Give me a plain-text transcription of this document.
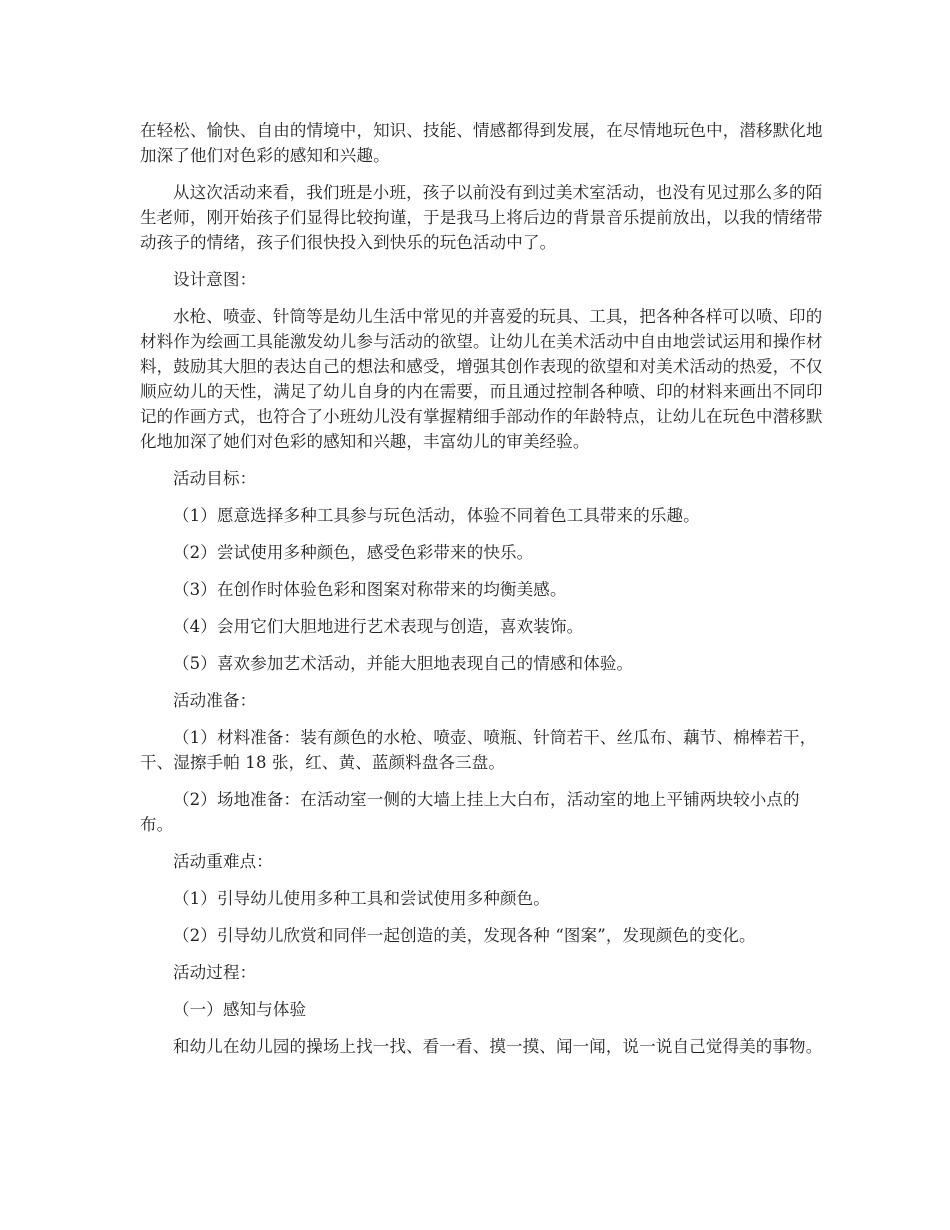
在轻松、愉快、自由的情境中，知识、技能、情感都得到发展，在尽情地玩色中，潜移默化地加深了他们对色彩的感知和兴趣。

从这次活动来看，我们班是小班，孩子以前没有到过美术室活动，也没有见过那么多的陌生老师，刚开始孩子们显得比较拘谨，于是我马上将后边的背景音乐提前放出，以我的情绪带动孩子的情绪，孩子们很快投入到快乐的玩色活动中了。

设计意图：

水枪、喷壶、针筒等是幼儿生活中常见的并喜爱的玩具、工具，把各种各样可以喷、印的材料作为绘画工具能激发幼儿参与活动的欲望。让幼儿在美术活动中自由地尝试运用和操作材料，鼓励其大胆的表达自己的想法和感受，增强其创作表现的欲望和对美术活动的热爱，不仅顺应幼儿的天性，满足了幼儿自身的内在需要，而且通过控制各种喷、印的材料来画出不同印记的作画方式，也符合了小班幼儿没有掌握精细手部动作的年龄特点，让幼儿在玩色中潜移默化地加深了她们对色彩的感知和兴趣，丰富幼儿的审美经验。

活动目标：

（1）愿意选择多种工具参与玩色活动，体验不同着色工具带来的乐趣。

（2）尝试使用多种颜色，感受色彩带来的快乐。

（3）在创作时体验色彩和图案对称带来的均衡美感。

（4）会用它们大胆地进行艺术表现与创造，喜欢装饰。

（5）喜欢参加艺术活动，并能大胆地表现自己的情感和体验。

活动准备：

（1）材料准备：装有颜色的水枪、喷壶、喷瓶、针筒若干、丝瓜布、藕节、棉棒若干，干、湿擦手帕 18 张，红、黄、蓝颜料盘各三盘。

（2）场地准备：在活动室一侧的大墙上挂上大白布，活动室的地上平铺两块较小点的布。

活动重难点：

（1）引导幼儿使用多种工具和尝试使用多种颜色。

（2）引导幼儿欣赏和同伴一起创造的美，发现各种 “图案”，发现颜色的变化。

活动过程：

（一）感知与体验

和幼儿在幼儿园的操场上找一找、看一看、摸一摸、闻一闻，说一说自己觉得美的事物。
